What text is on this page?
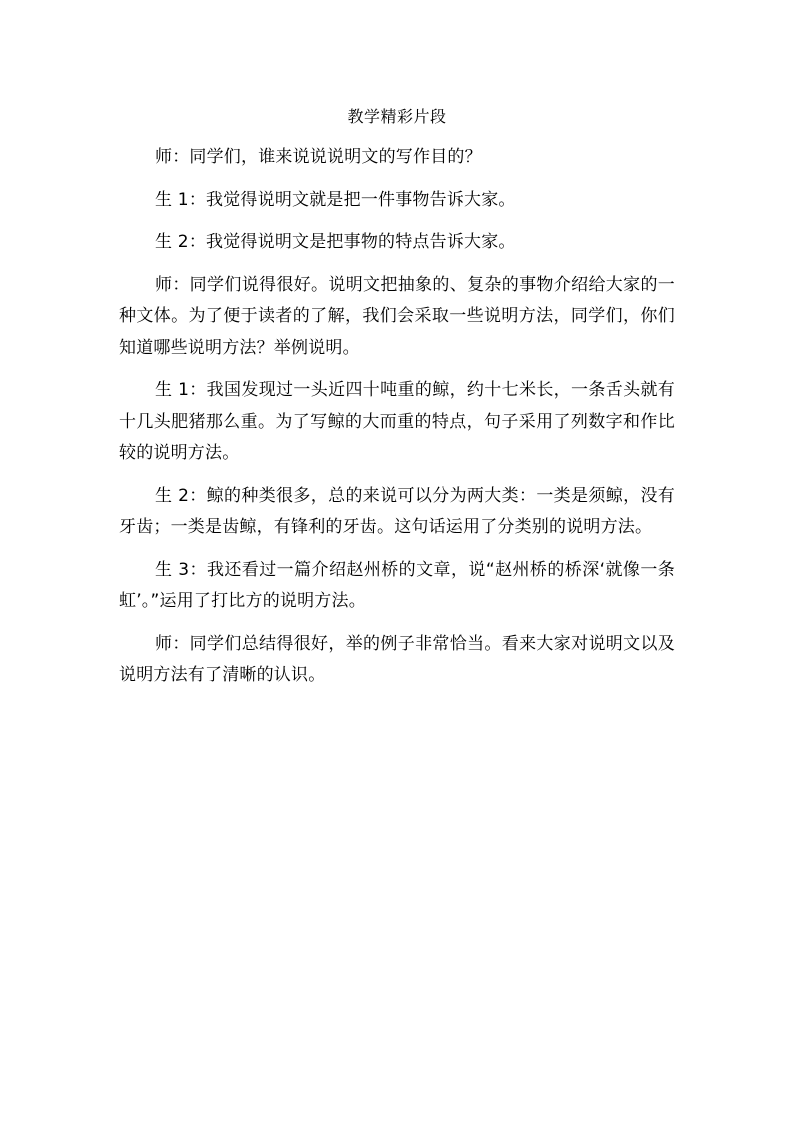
教学精彩片段

师：同学们，谁来说说说明文的写作目的？

生 1：我觉得说明文就是把一件事物告诉大家。

生 2：我觉得说明文是把事物的特点告诉大家。

师：同学们说得很好。说明文把抽象的、复杂的事物介绍给大家的一种文体。为了便于读者的了解，我们会采取一些说明方法，同学们，你们知道哪些说明方法？举例说明。

生 1：我国发现过一头近四十吨重的鲸，约十七米长，一条舌头就有十几头肥猪那么重。为了写鲸的大而重的特点，句子采用了列数字和作比较的说明方法。

生 2：鲸的种类很多，总的来说可以分为两大类：一类是须鲸，没有牙齿；一类是齿鲸，有锋利的牙齿。这句话运用了分类别的说明方法。

生 3：我还看过一篇介绍赵州桥的文章，说“赵州桥的桥深‘就像一条虹’。”运用了打比方的说明方法。

师：同学们总结得很好，举的例子非常恰当。看来大家对说明文以及说明方法有了清晰的认识。
